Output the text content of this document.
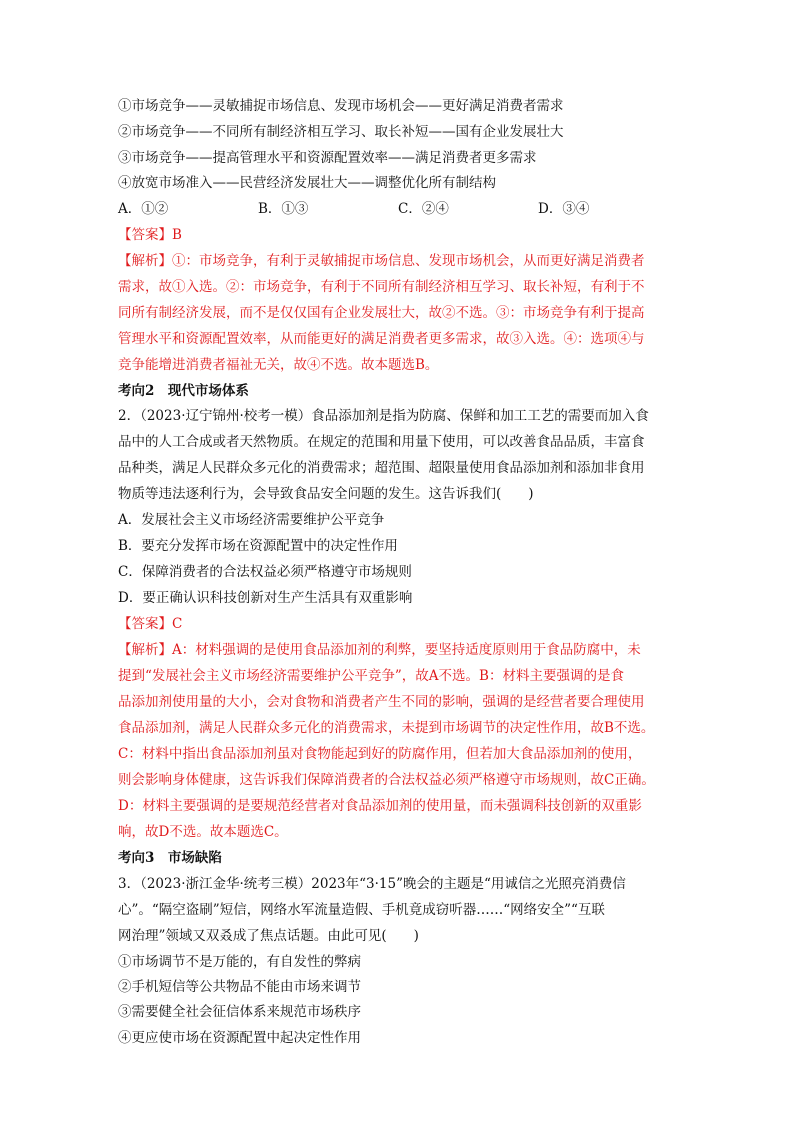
①市场竞争——灵敏捕捉市场信息、发现市场机会——更好满足消费者需求
②市场竞争——不同所有制经济相互学习、取长补短——国有企业发展壮大
③市场竞争——提高管理水平和资源配置效率——满足消费者更多需求
④放宽市场准入——民营经济发展壮大——调整优化所有制结构
A．①②	B．①③	C．②④	D．③④
【答案】B
【解析】①：市场竞争，有利于灵敏捕捉市场信息、发现市场机会，从而更好满足消费者
需求，故①入选。②：市场竞争，有利于不同所有制经济相互学习、取长补短，有利于不
同所有制经济发展，而不是仅仅国有企业发展壮大，故②不选。③：市场竞争有利于提高
管理水平和资源配置效率，从而能更好的满足消费者更多需求，故③入选。④：选项④与
竞争能增进消费者福祉无关，故④不选。故本题选B。
考向2　现代市场体系
2．（2023·辽宁锦州·校考一模）食品添加剂是指为防腐、保鲜和加工工艺的需要而加入食
品中的人工合成或者天然物质。在规定的范围和用量下使用，可以改善食品品质，丰富食
品种类，满足人民群众多元化的消费需求；超范围、超限量使用食品添加剂和添加非食用
物质等违法逐利行为，会导致食品安全问题的发生。这告诉我们(　　)
A．发展社会主义市场经济需要维护公平竞争
B．要充分发挥市场在资源配置中的决定性作用
C．保障消费者的合法权益必须严格遵守市场规则
D．要正确认识科技创新对生产生活具有双重影响
【答案】C
【解析】A：材料强调的是使用食品添加剂的利弊，要坚持适度原则用于食品防腐中，未
提到“发展社会主义市场经济需要维护公平竞争”，故A不选。B：材料主要强调的是食
品添加剂使用量的大小，会对食物和消费者产生不同的影响，强调的是经营者要合理使用
食品添加剂，满足人民群众多元化的消费需求，未提到市场调节的决定性作用，故B不选。
C：材料中指出食品添加剂虽对食物能起到好的防腐作用，但若加大食品添加剂的使用，
则会影响身体健康，这告诉我们保障消费者的合法权益必须严格遵守市场规则，故C正确。
D：材料主要强调的是要规范经营者对食品添加剂的使用量，而未强调科技创新的双重影
响，故D不选。故本题选C。
考向3　市场缺陷
3．（2023·浙江金华·统考三模）2023年“3·15”晚会的主题是“用诚信之光照亮消费信
心”。“隔空盗刷”短信，网络水军流量造假、手机竟成窃听器……“网络安全”“互联
网治理”领域又双叒成了焦点话题。由此可见(　　)
①市场调节不是万能的，有自发性的弊病
②手机短信等公共物品不能由市场来调节
③需要健全社会征信体系来规范市场秩序
④更应使市场在资源配置中起决定性作用
